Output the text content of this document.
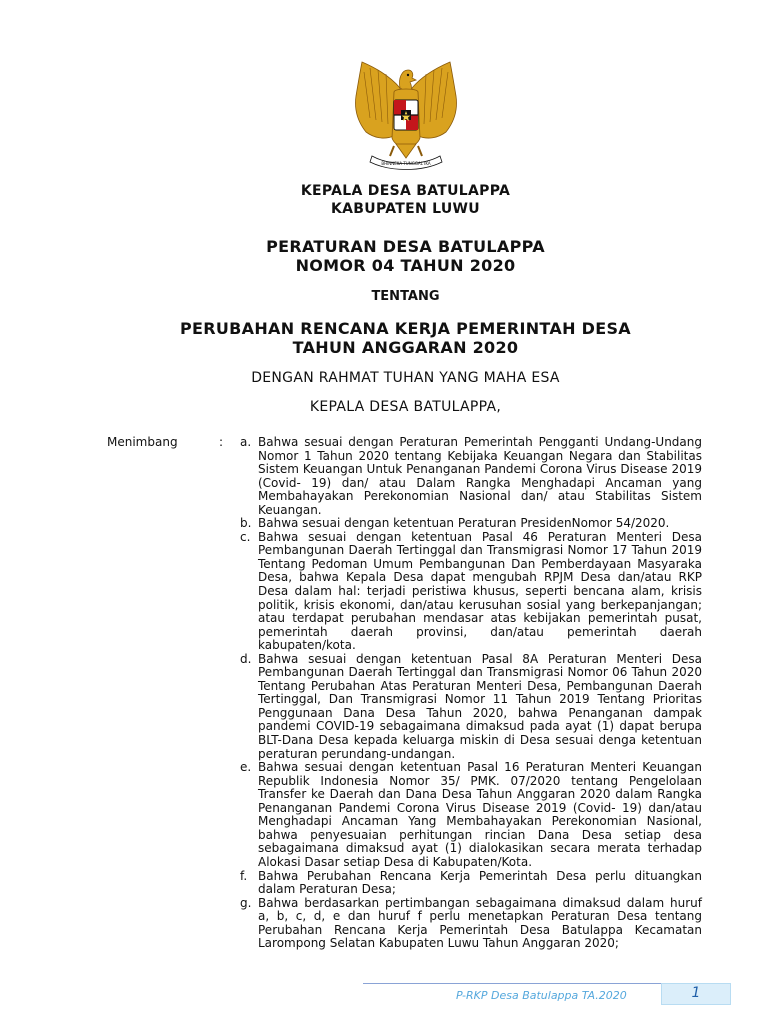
BHINNEKA TUNGGAL IKA
KEPALA DESA BATULAPPA
KABUPATEN LUWU
PERATURAN DESA BATULAPPA
NOMOR 04 TAHUN 2020
TENTANG
PERUBAHAN RENCANA KERJA PEMERINTAH DESA
TAHUN ANGGARAN 2020
DENGAN RAHMAT TUHAN YANG MAHA ESA
KEPALA DESA BATULAPPA,
Menimbang	: a. Bahwa sesuai dengan Peraturan Pemerintah Pengganti Undang-Undang Nomor 1 Tahun 2020 tentang Kebijaka Keuangan Negara dan Stabilitas Sistem Keuangan Untuk Penanganan Pandemi Corona Virus Disease 2019 (Covid- 19) dan/ atau Dalam Rangka Menghadapi Ancaman yang Membahayakan Perekonomian Nasional dan/ atau Stabilitas Sistem Keuangan.
b. Bahwa sesuai dengan ketentuan Peraturan PresidenNomor 54/2020.
c. Bahwa sesuai dengan ketentuan Pasal 46 Peraturan Menteri Desa Pembangunan Daerah Tertinggal dan Transmigrasi Nomor 17 Tahun 2019 Tentang Pedoman Umum Pembangunan Dan Pemberdayaan Masyaraka Desa, bahwa Kepala Desa dapat mengubah RPJM Desa dan/atau RKP Desa dalam hal: terjadi peristiwa khusus, seperti bencana alam, krisis politik, krisis ekonomi, dan/atau kerusuhan sosial yang berkepanjangan; atau terdapat perubahan mendasar atas kebijakan pemerintah pusat, pemerintah daerah provinsi, dan/atau pemerintah daerah kabupaten/kota.
d. Bahwa sesuai dengan ketentuan Pasal 8A Peraturan Menteri Desa Pembangunan Daerah Tertinggal dan Transmigrasi Nomor 06 Tahun 2020 Tentang Perubahan Atas Peraturan Menteri Desa, Pembangunan Daerah Tertinggal, Dan Transmigrasi Nomor 11 Tahun 2019 Tentang Prioritas Penggunaan Dana Desa Tahun 2020, bahwa Penanganan dampak pandemi COVID-19 sebagaimana dimaksud pada ayat (1) dapat berupa BLT-Dana Desa kepada keluarga miskin di Desa sesuai denga ketentuan peraturan perundang-undangan.
e. Bahwa sesuai dengan ketentuan Pasal 16 Peraturan Menteri Keuangan Republik Indonesia Nomor 35/ PMK. 07/2020 tentang Pengelolaan Transfer ke Daerah dan Dana Desa Tahun Anggaran 2020 dalam Rangka Penanganan Pandemi Corona Virus Disease 2019 (Covid- 19) dan/atau Menghadapi Ancaman Yang Membahayakan Perekonomian Nasional, bahwa penyesuaian perhitungan rincian Dana Desa setiap desa sebagaimana dimaksud ayat (1) dialokasikan secara merata terhadap Alokasi Dasar setiap Desa di Kabupaten/Kota.
f. Bahwa Perubahan Rencana Kerja Pemerintah Desa perlu dituangkan dalam Peraturan Desa;
g. Bahwa berdasarkan pertimbangan sebagaimana dimaksud dalam huruf a, b, c, d, e dan huruf f perlu menetapkan Peraturan Desa tentang Perubahan Rencana Kerja Pemerintah Desa Batulappa Kecamatan Larompong Selatan Kabupaten Luwu Tahun Anggaran 2020;
P-RKP Desa Batulappa TA.2020	1
